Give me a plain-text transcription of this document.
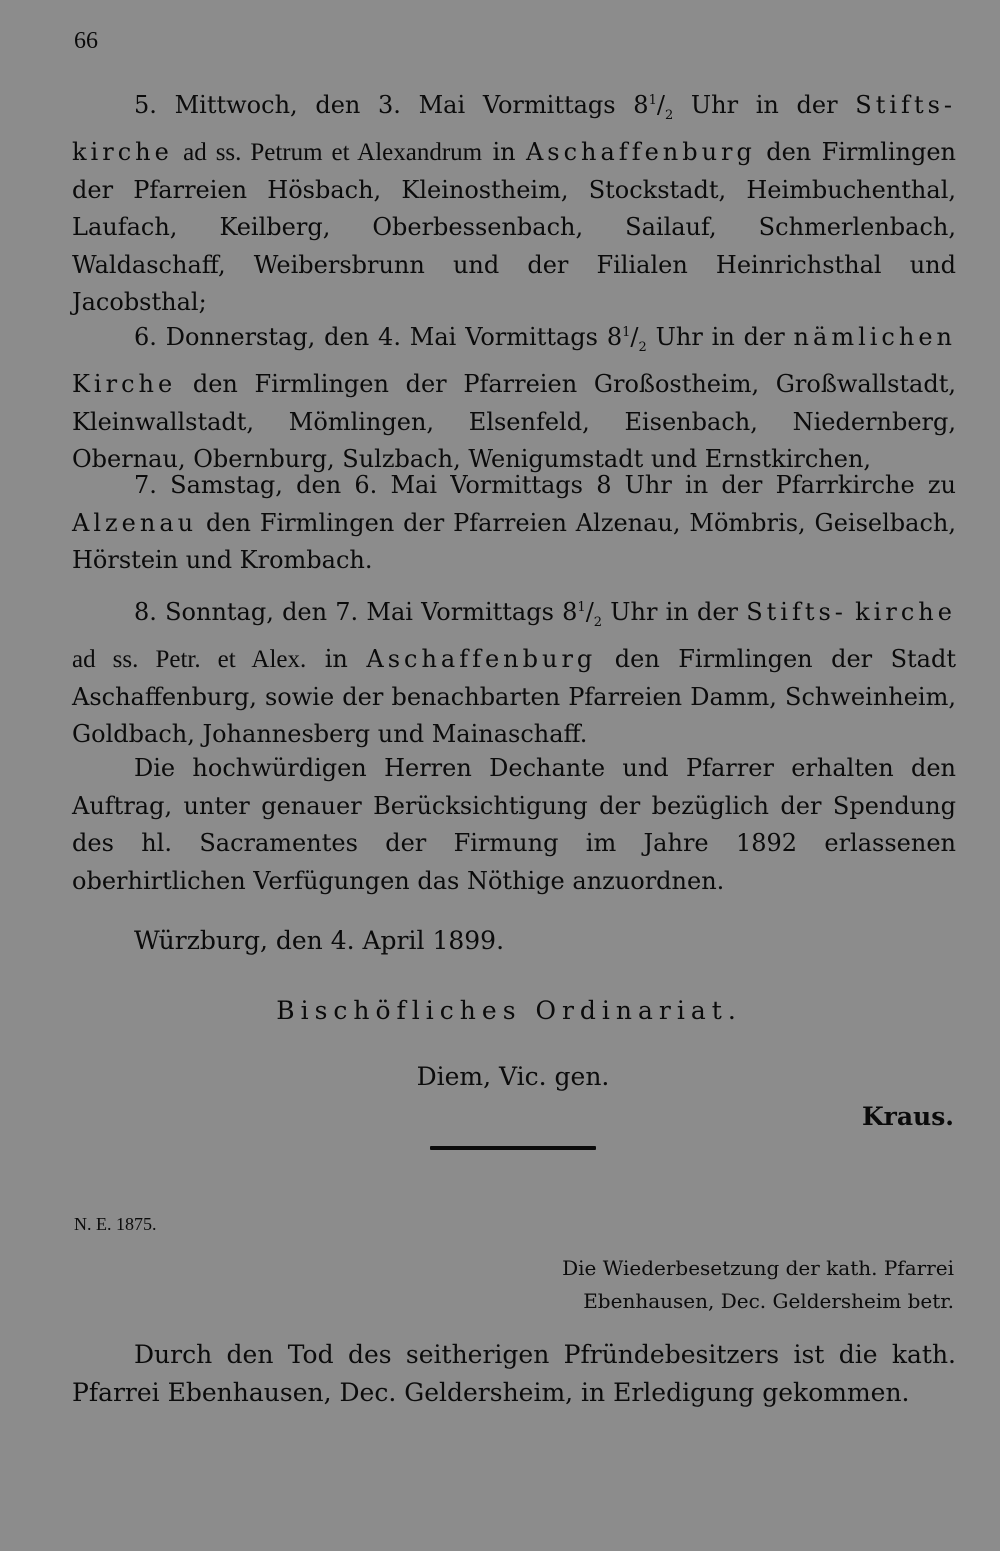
66

5. Mittwoch, den 3. Mai Vormittags $8^1/_2$ Uhr in der Stifts- kirche ad ss. Petrum et Alexandrum in Aschaffenburg den Firmlingen der Pfarreien Hösbach, Kleinostheim, Stockstadt, Heimbuchenthal, Laufach, Keilberg, Oberbessenbach, Sailauf, Schmerlenbach, Waldaschaff, Weibersbrunn und der Filialen Heinrichsthal und Jacobsthal;

6. Donnerstag, den 4. Mai Vormittags $8^1/_2$ Uhr in der nämlichen Kirche den Firmlingen der Pfarreien Großostheim, Großwallstadt, Kleinwallstadt, Mömlingen, Elsenfeld, Eisenbach, Niedernberg, Obernau, Obernburg, Sulzbach, Wenigumstadt und Ernstkirchen,

7. Samstag, den 6. Mai Vormittags 8 Uhr in der Pfarrkirche zu Alzenau den Firmlingen der Pfarreien Alzenau, Mömbris, Geiselbach, Hörstein und Krombach.

8. Sonntag, den 7. Mai Vormittags $8^1/_2$ Uhr in der Stifts- kirche ad ss. Petr. et Alex. in Aschaffenburg den Firmlingen der Stadt Aschaffenburg, sowie der benachbarten Pfarreien Damm, Schweinheim, Goldbach, Johannesberg und Mainaschaff.

Die hochwürdigen Herren Dechante und Pfarrer erhalten den Auftrag, unter genauer Berücksichtigung der bezüglich der Spendung des hl. Sacramentes der Firmung im Jahre 1892 erlassenen oberhirtlichen Verfügungen das Nöthige anzuordnen.

Würzburg, den 4. April 1899.
Bischöfliches Ordinariat.
Diem, Vic. gen.
Kraus.
N. E. 1875.
Die Wiederbesetzung der kath. Pfarrei
Ebenhausen, Dec. Geldersheim betr.

Durch den Tod des seitherigen Pfründebesitzers ist die kath. Pfarrei Ebenhausen, Dec. Geldersheim, in Erledigung gekommen.
